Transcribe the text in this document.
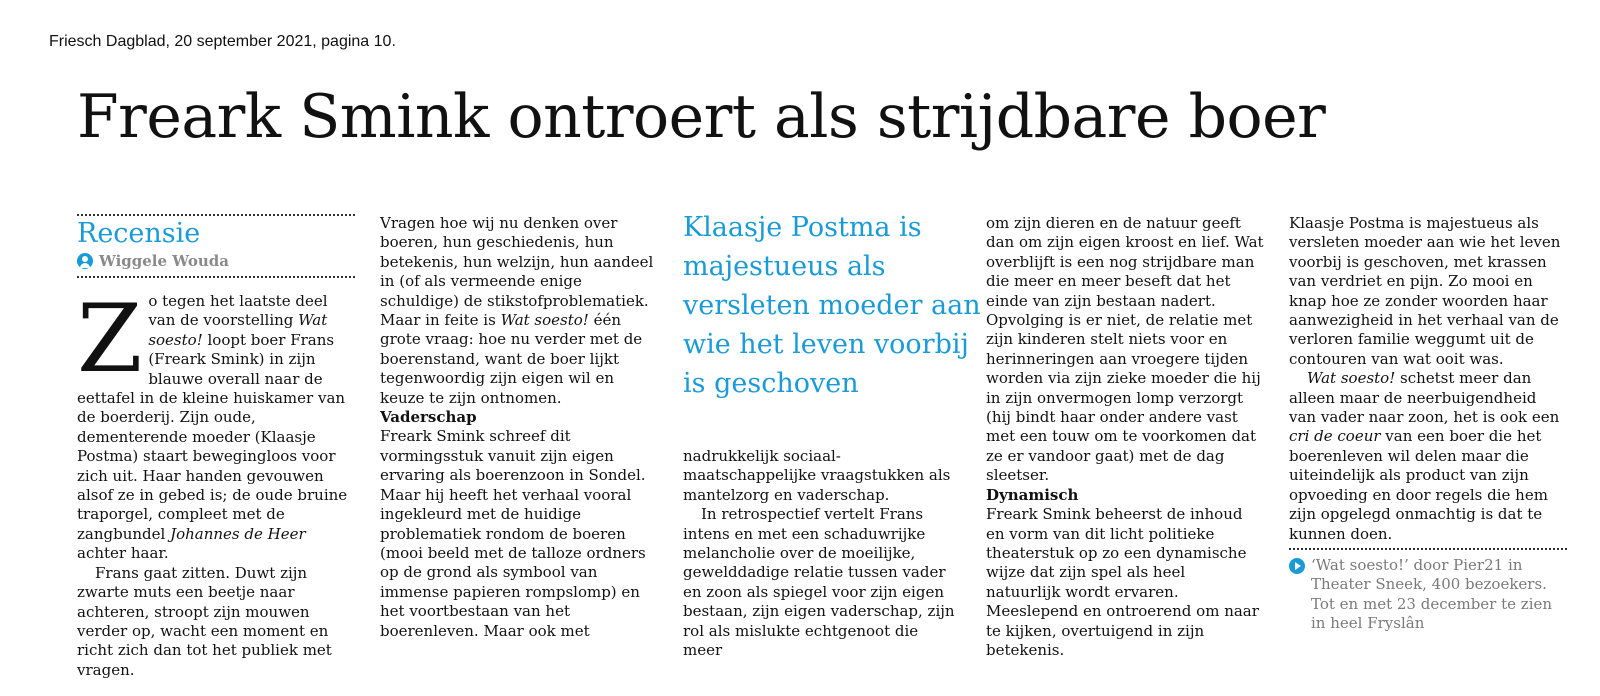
Friesch Dagblad, 20 september 2021, pagina 10.
Freark Smink ontroert als strijdbare boer
Recensie
Wiggele Wouda

Zo tegen het laatste deel van de voorstelling Wat soesto! loopt boer Frans (Freark Smink) in zijn blauwe overall naar de eettafel in de kleine huiskamer van de boerderij. Zijn oude, dementerende moeder (Klaasje Postma) staart bewegingloos voor zich uit. Haar handen gevouwen alsof ze in gebed is; de oude bruine traporgel, compleet met de zangbundel Johannes de Heer achter haar.

Frans gaat zitten. Duwt zijn zwarte muts een beetje naar achteren, stroopt zijn mouwen verder op, wacht een moment en richt zich dan tot het publiek met vragen.

Vragen hoe wij nu denken over boeren, hun geschiedenis, hun betekenis, hun welzijn, hun aandeel in (of als vermeende enige schuldige) de stikstofproblematiek. Maar in feite is Wat soesto! één grote vraag: hoe nu verder met de boerenstand, want de boer lijkt tegenwoordig zijn eigen wil en keuze te zijn ontnomen.

Vaderschap

Freark Smink schreef dit vormingsstuk vanuit zijn eigen ervaring als boerenzoon in Sondel. Maar hij heeft het verhaal vooral ingekleurd met de huidige problematiek rondom de boeren (mooi beeld met de talloze ordners op de grond als symbool van immense papieren rompslomp) en het voortbestaan van het boerenleven. Maar ook met

Klaasje Postma is majestueus als versleten moeder aan wie het leven voorbij is geschoven

nadrukkelijk sociaal-maatschappelijke vraagstukken als mantelzorg en vaderschap.

In retrospectief vertelt Frans intens en met een schaduwrijke melancholie over de moeilijke, gewelddadige relatie tussen vader en zoon als spiegel voor zijn eigen bestaan, zijn eigen vaderschap, zijn rol als mislukte echtgenoot die meer

om zijn dieren en de natuur geeft dan om zijn eigen kroost en lief. Wat overblijft is een nog strijdbare man die meer en meer beseft dat het einde van zijn bestaan nadert. Opvolging is er niet, de relatie met zijn kinderen stelt niets voor en herinneringen aan vroegere tijden worden via zijn zieke moeder die hij in zijn onvermogen lomp verzorgt (hij bindt haar onder andere vast met een touw om te voorkomen dat ze er vandoor gaat) met de dag sleetser.

Dynamisch

Freark Smink beheerst de inhoud en vorm van dit licht politieke theaterstuk op zo een dynamische wijze dat zijn spel als heel natuurlijk wordt ervaren. Meeslepend en ontroerend om naar te kijken, overtuigend in zijn betekenis.

Klaasje Postma is majestueus als versleten moeder aan wie het leven voorbij is geschoven, met krassen van verdriet en pijn. Zo mooi en knap hoe ze zonder woorden haar aanwezigheid in het verhaal van de verloren familie weggumt uit de contouren van wat ooit was.

Wat soesto! schetst meer dan alleen maar de neerbuigendheid van vader naar zoon, het is ook een cri de coeur van een boer die het boerenleven wil delen maar die uiteindelijk als product van zijn opvoeding en door regels die hem zijn opgelegd onmachtig is dat te kunnen doen.

‘Wat soesto!’ door Pier21 in Theater Sneek, 400 bezoekers. Tot en met 23 december te zien in heel Fryslân
